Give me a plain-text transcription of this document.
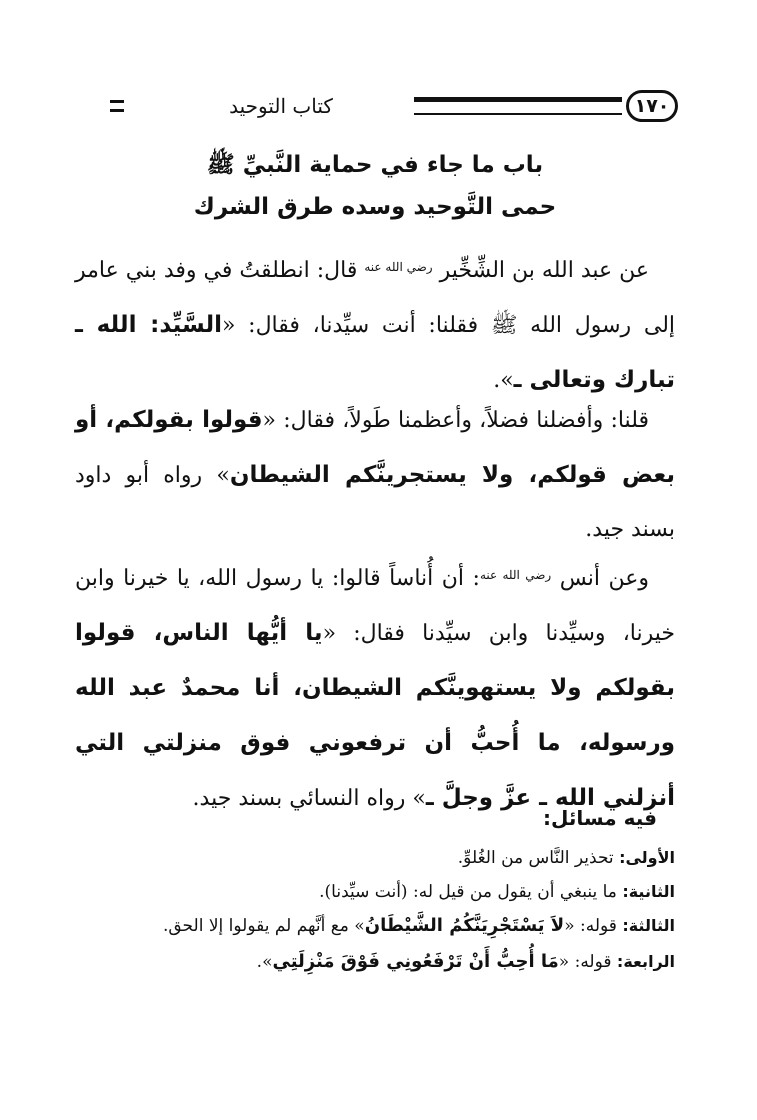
١٧٠
كتاب التوحيد
باب ما جاء في حماية النَّبيِّ ﷺ
حمى التَّوحيد وسده طرق الشرك
عن عبد الله بن الشِّخِّير $^{رضي الله عنه}$ قال: انطلقتُ في وفد بني عامر إلى رسول الله ﷺ فقلنا: أنت سيِّدنا، فقال: «السَّيِّد: الله ـ تبارك وتعالى ـ».
قلنا: وأفضلنا فضلاً، وأعظمنا طَولاً، فقال: «قولوا بقولكم، أو بعض قولكم، ولا يستجرينَّكم الشيطان» رواه أبو داود بسند جيد.
وعن أنس $^{رضي الله عنه}$: أن أُناساً قالوا: يا رسول الله، يا خيرنا وابن خيرنا، وسيِّدنا وابن سيِّدنا فقال: «يا أيُّها الناس، قولوا بقولكم ولا يستهوينَّكم الشيطان، أنا محمدٌ عبد الله ورسوله، ما أُحبُّ أن ترفعوني فوق منزلتي التي أنزلني الله ـ عزَّ وجلَّ ـ» رواه النسائي بسند جيد.
فيه مسائل:
الأولى: تحذير النَّاس من الغُلوِّ.
الثانية: ما ينبغي أن يقول من قيل له: (أنت سيِّدنا).
الثالثة: قوله: «لاَ يَسْتَجْرِيَنَّكُمُ الشَّيْطَانُ» مع أنَّهم لم يقولوا إلا الحق.
الرابعة: قوله: «مَا أُحِبُّ أَنْ تَرْفَعُونِي فَوْقَ مَنْزِلَتِي».
